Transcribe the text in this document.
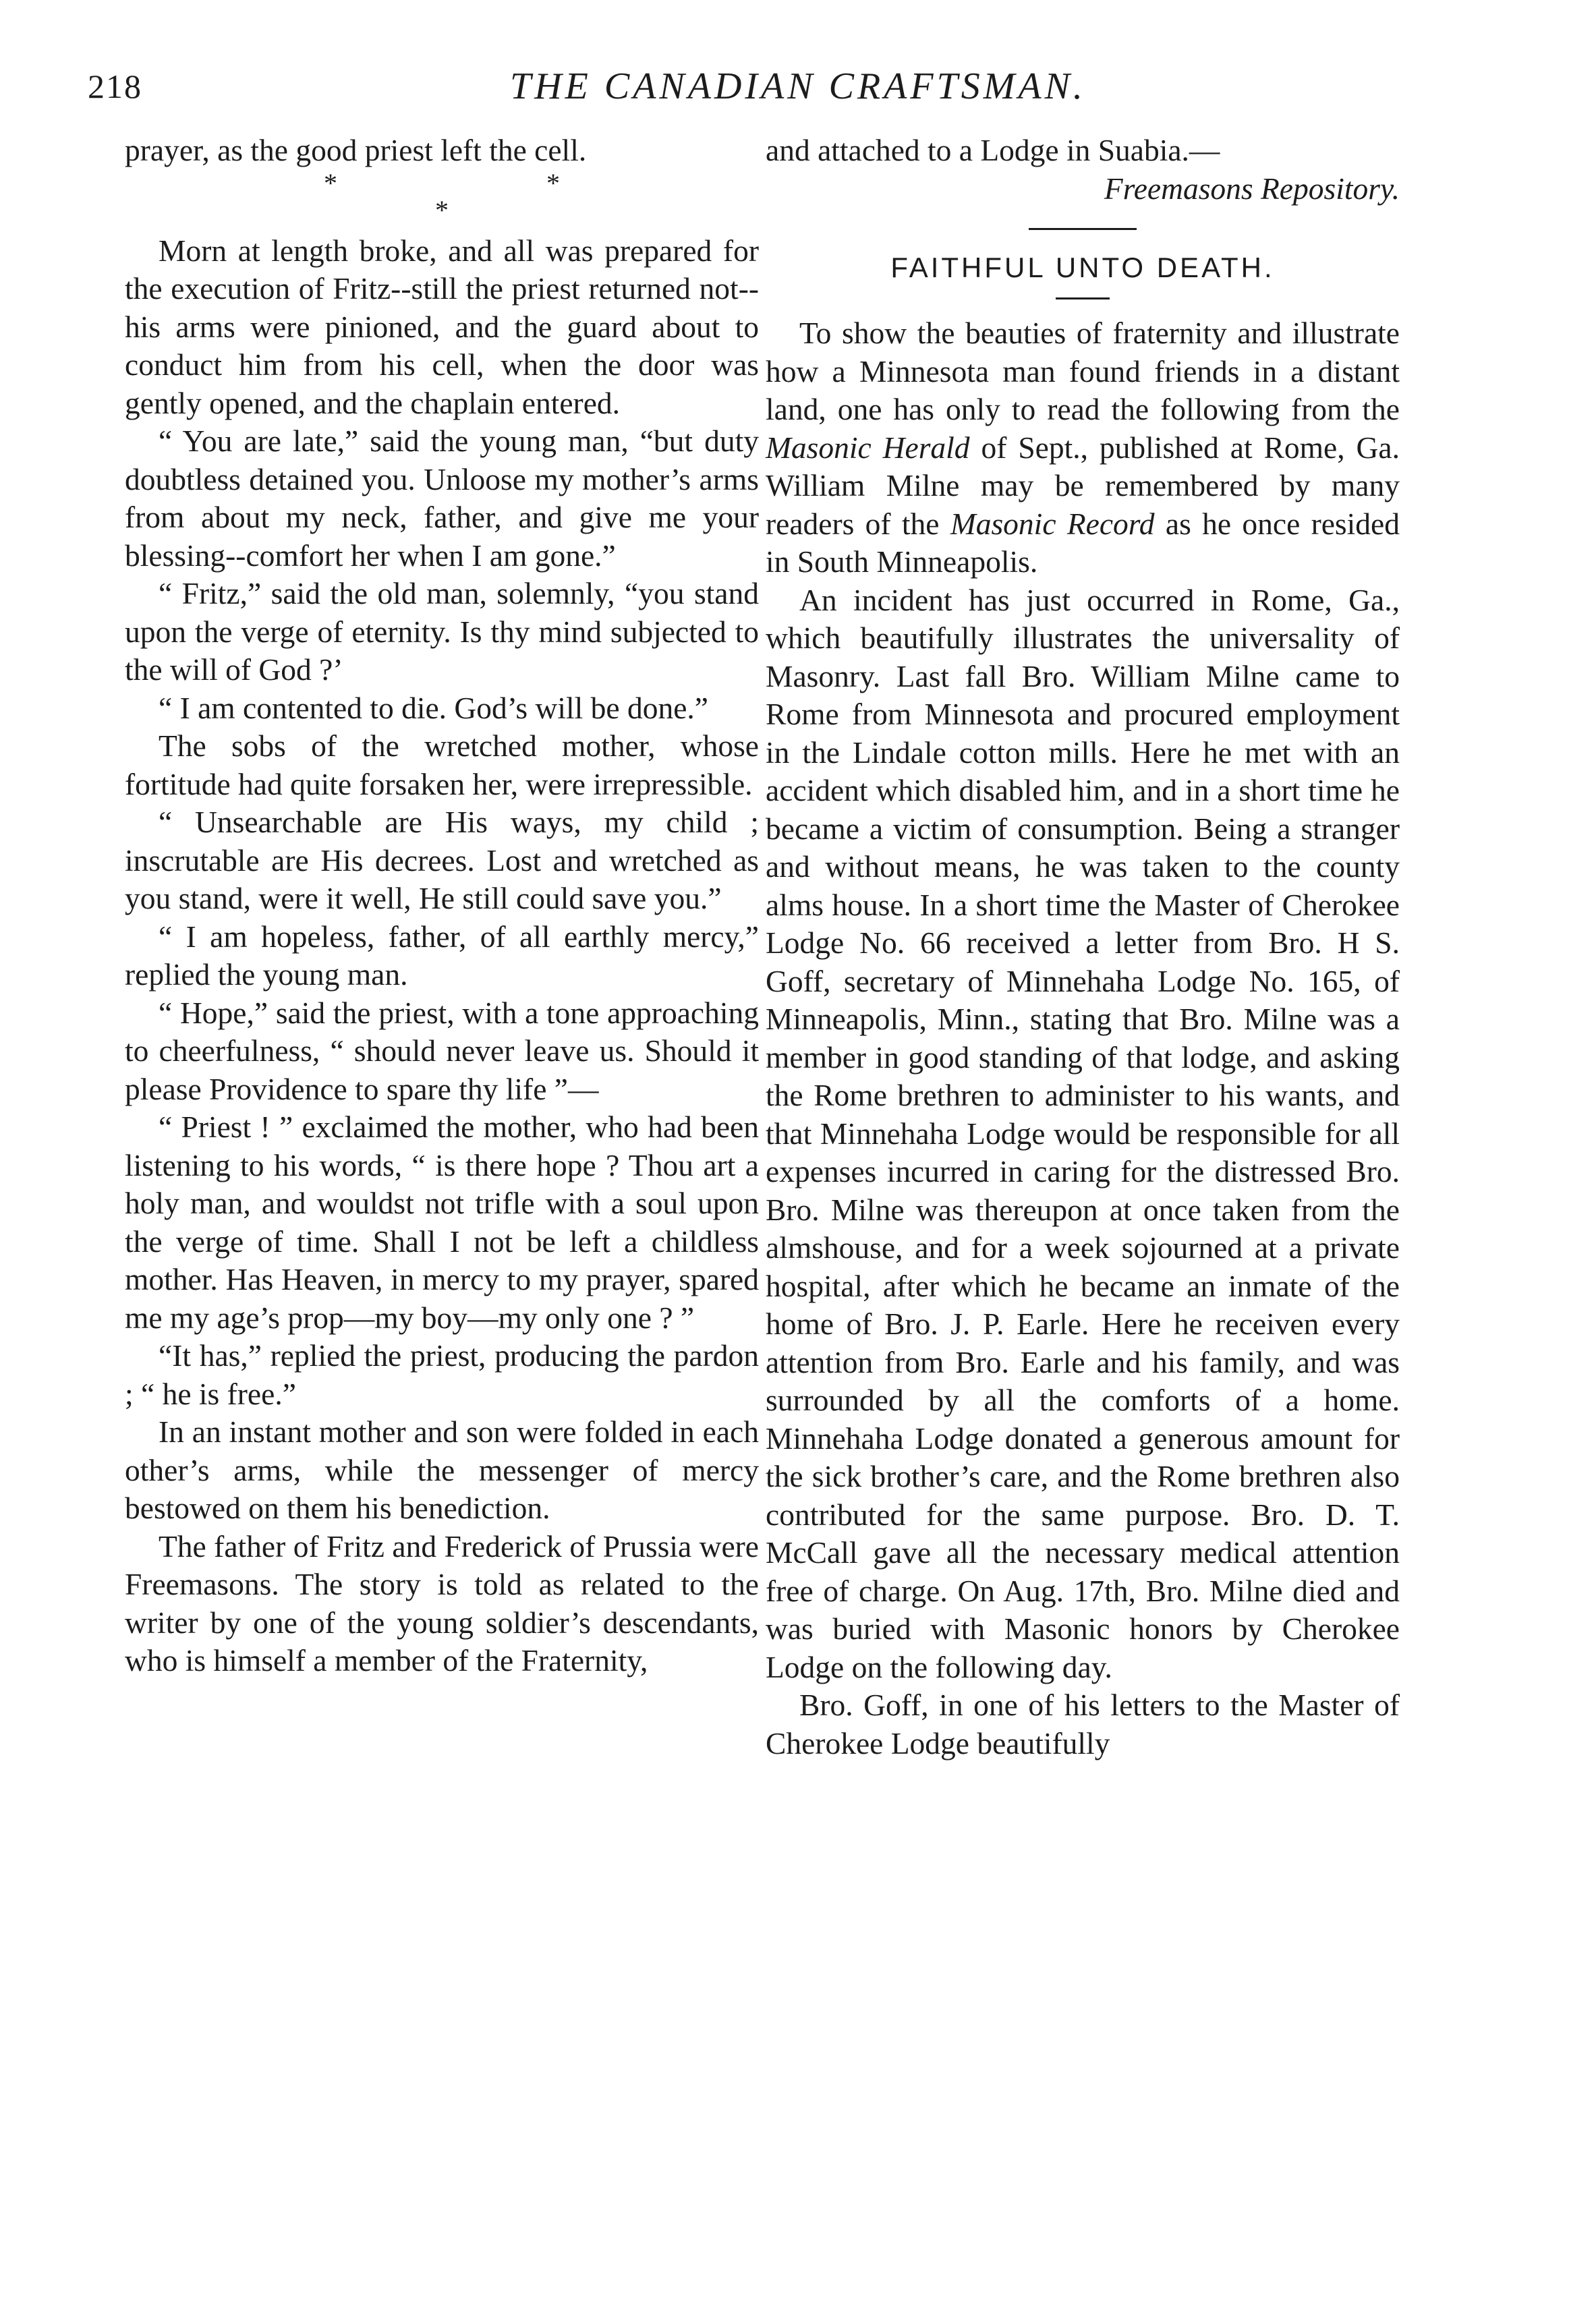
218	THE CANADIAN CRAFTSMAN.

prayer, as the good priest left the cell.

* * *

Morn at length broke, and all was prepared for the execution of Fritz--still the priest returned not--his arms were pinioned, and the guard about to conduct him from his cell, when the door was gently opened, and the chaplain entered.

“ You are late,” said the young man, “but duty doubtless detained you. Unloose my mother’s arms from about my neck, father, and give me your blessing--comfort her when I am gone.”

“ Fritz,” said the old man, solemnly, “you stand upon the verge of eternity. Is thy mind subjected to the will of God ?’

“ I am contented to die. God’s will be done.”

The sobs of the wretched mother, whose fortitude had quite forsaken her, were irrepressible.

“ Unsearchable are His ways, my child ; inscrutable are His decrees. Lost and wretched as you stand, were it well, He still could save you.”

“ I am hopeless, father, of all earthly mercy,” replied the young man.

“ Hope,” said the priest, with a tone approaching to cheerfulness, “ should never leave us. Should it please Providence to spare thy life ”—

“ Priest ! ” exclaimed the mother, who had been listening to his words, “ is there hope ? Thou art a holy man, and wouldst not trifle with a soul upon the verge of time. Shall I not be left a childless mother. Has Heaven, in mercy to my prayer, spared me my age’s prop—my boy—my only one ? ”

“It has,” replied the priest, producing the pardon ; “ he is free.”

In an instant mother and son were folded in each other’s arms, while the messenger of mercy bestowed on them his benediction.

The father of Fritz and Frederick of Prussia were Freemasons. The story is told as related to the writer by one of the young soldier’s descendants, who is himself a member of the Fraternity,

and attached to a Lodge in Suabia.—

Freemasons Repository.

FAITHFUL UNTO DEATH.

To show the beauties of fraternity and illustrate how a Minnesota man found friends in a distant land, one has only to read the following from the Masonic Herald of Sept., published at Rome, Ga. William Milne may be remembered by many readers of the Masonic Record as he once resided in South Minneapolis.

An incident has just occurred in Rome, Ga., which beautifully illustrates the universality of Masonry. Last fall Bro. William Milne came to Rome from Minnesota and procured employment in the Lindale cotton mills. Here he met with an accident which disabled him, and in a short time he became a victim of consumption. Being a stranger and without means, he was taken to the county alms house. In a short time the Master of Cherokee Lodge No. 66 received a letter from Bro. H S. Goff, secretary of Minnehaha Lodge No. 165, of Minneapolis, Minn., stating that Bro. Milne was a member in good standing of that lodge, and asking the Rome brethren to administer to his wants, and that Minnehaha Lodge would be responsible for all expenses incurred in caring for the distressed Bro. Bro. Milne was thereupon at once taken from the almshouse, and for a week sojourned at a private hospital, after which he became an inmate of the home of Bro. J. P. Earle. Here he receiven every attention from Bro. Earle and his family, and was surrounded by all the comforts of a home. Minnehaha Lodge donated a generous amount for the sick brother’s care, and the Rome brethren also contributed for the same purpose. Bro. D. T. McCall gave all the necessary medical attention free of charge. On Aug. 17th, Bro. Milne died and was buried with Masonic honors by Cherokee Lodge on the following day.

Bro. Goff, in one of his letters to the Master of Cherokee Lodge beautifully
